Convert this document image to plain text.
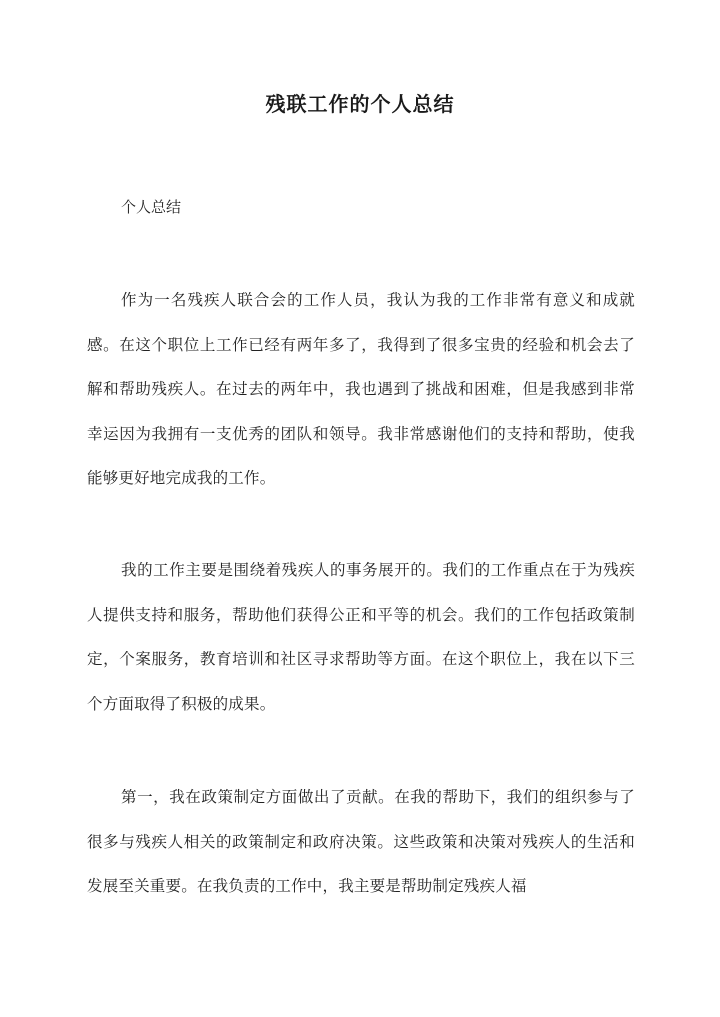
残联工作的个人总结
个人总结

作为一名残疾人联合会的工作人员，我认为我的工作非常有意义和成就感。在这个职位上工作已经有两年多了，我得到了很多宝贵的经验和机会去了解和帮助残疾人。在过去的两年中，我也遇到了挑战和困难，但是我感到非常幸运因为我拥有一支优秀的团队和领导。我非常感谢他们的支持和帮助，使我能够更好地完成我的工作。

我的工作主要是围绕着残疾人的事务展开的。我们的工作重点在于为残疾人提供支持和服务，帮助他们获得公正和平等的机会。我们的工作包括政策制定，个案服务，教育培训和社区寻求帮助等方面。在这个职位上，我在以下三个方面取得了积极的成果。

第一，我在政策制定方面做出了贡献。在我的帮助下，我们的组织参与了很多与残疾人相关的政策制定和政府决策。这些政策和决策对残疾人的生活和发展至关重要。在我负责的工作中，我主要是帮助制定残疾人福
